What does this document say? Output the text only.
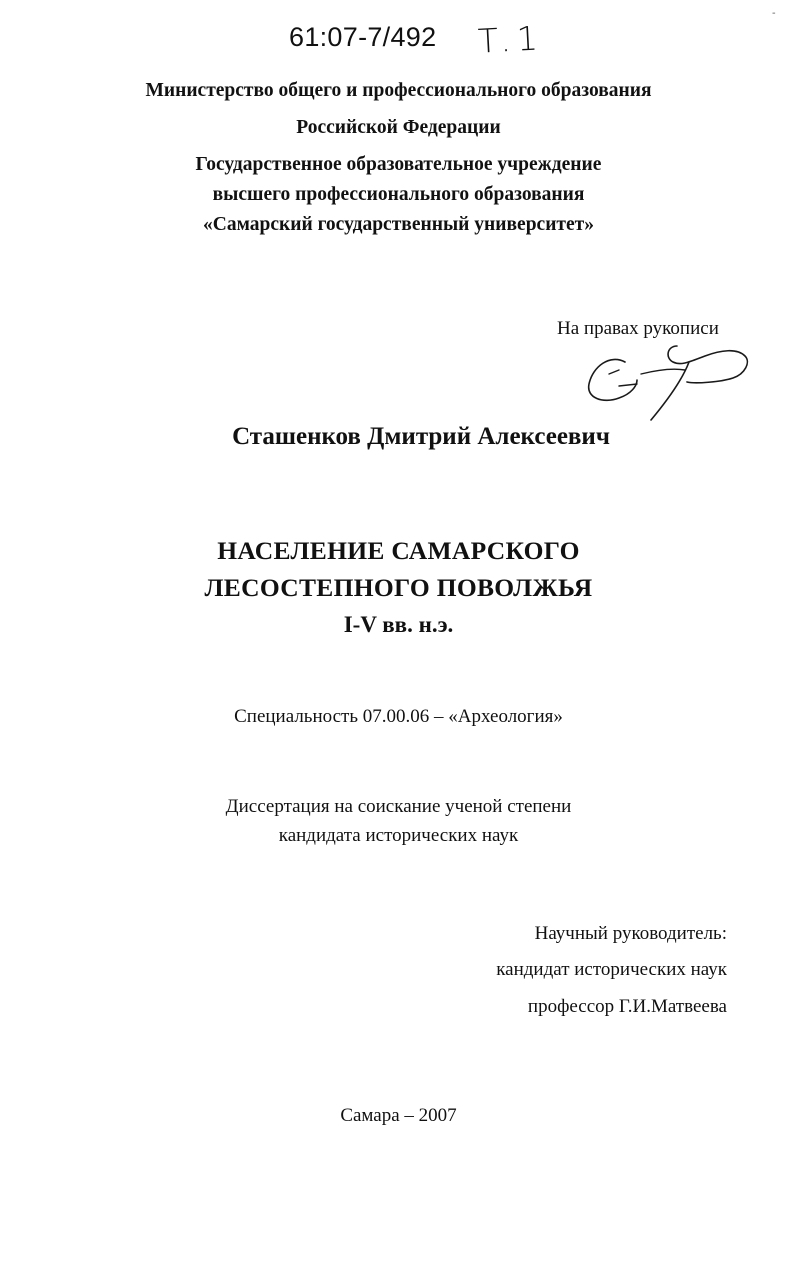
61:07-7/492 T.1
-
Министерство общего и профессионального образования
Российской Федерации
Государственное образовательное учреждение
высшего профессионального образования
«Самарский государственный университет»
На правах рукописи
Сташенков Дмитрий Алексеевич
НАСЕЛЕНИЕ САМАРСКОГО
ЛЕСОСТЕПНОГО ПОВОЛЖЬЯ
I-V вв. н.э.
Специальность 07.00.06 – «Археология»
Диссертация на соискание ученой степени
кандидата исторических наук
Научный руководитель:
кандидат исторических наук
профессор Г.И.Матвеева
Самара – 2007
